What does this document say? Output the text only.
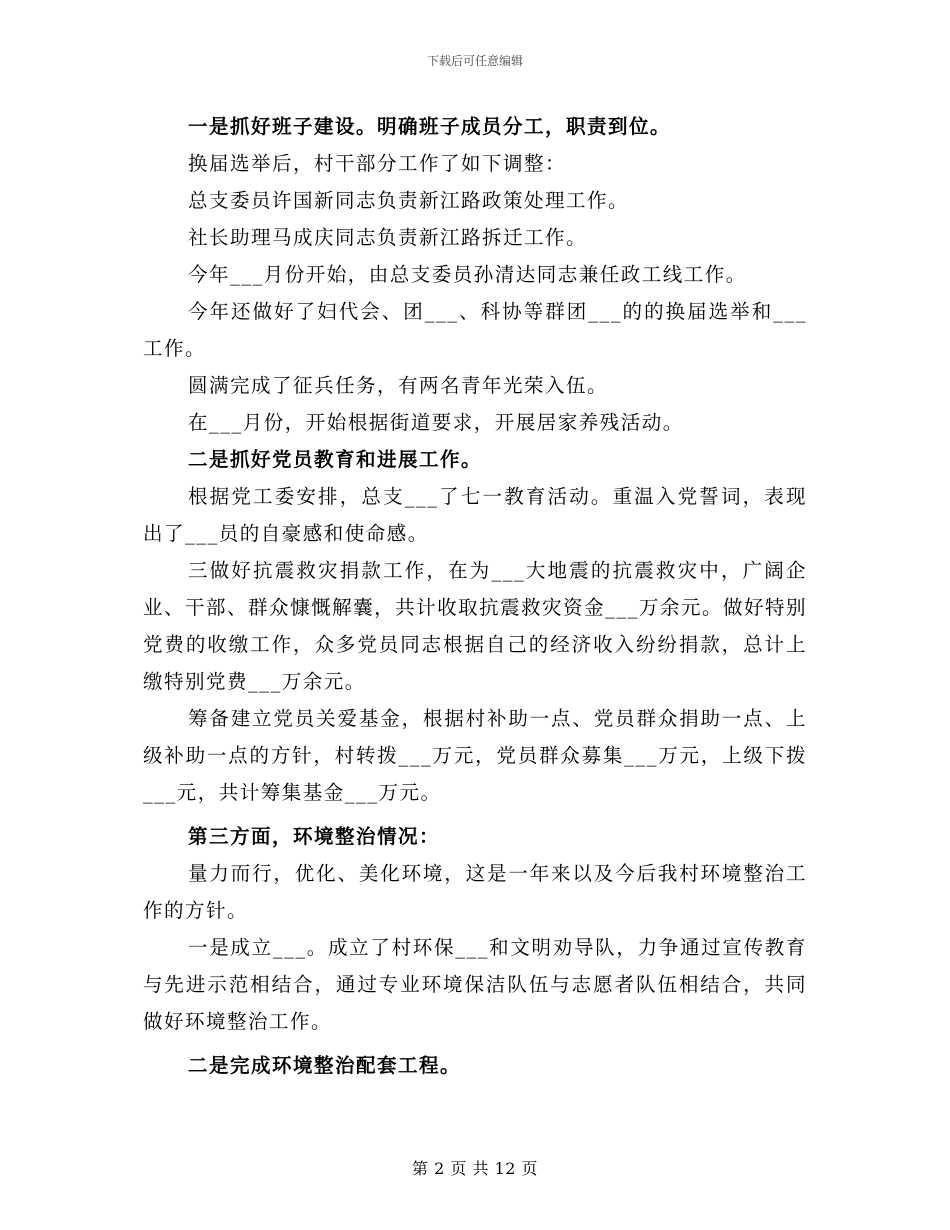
下载后可任意编辑

一是抓好班子建设。明确班子成员分工，职责到位。

换届选举后，村干部分工作了如下调整：

总支委员许国新同志负责新江路政策处理工作。

社长助理马成庆同志负责新江路拆迁工作。

今年___月份开始，由总支委员孙清达同志兼任政工线工作。

今年还做好了妇代会、团___、科协等群团___的的换届选举和___工作。

圆满完成了征兵任务，有两名青年光荣入伍。

在___月份，开始根据街道要求，开展居家养残活动。

二是抓好党员教育和进展工作。

根据党工委安排，总支___了七一教育活动。重温入党誓词，表现出了___员的自豪感和使命感。

三做好抗震救灾捐款工作，在为___大地震的抗震救灾中，广阔企业、干部、群众慷慨解囊，共计收取抗震救灾资金___万余元。做好特别党费的收缴工作，众多党员同志根据自己的经济收入纷纷捐款，总计上缴特别党费___万余元。

筹备建立党员关爱基金，根据村补助一点、党员群众捐助一点、上级补助一点的方针，村转拨___万元，党员群众募集___万元，上级下拨___元，共计筹集基金___万元。

第三方面，环境整治情况：

量力而行，优化、美化环境，这是一年来以及今后我村环境整治工作的方针。

一是成立___。成立了村环保___和文明劝导队，力争通过宣传教育与先进示范相结合，通过专业环境保洁队伍与志愿者队伍相结合，共同做好环境整治工作。

二是完成环境整治配套工程。

第 2 页 共 12 页
